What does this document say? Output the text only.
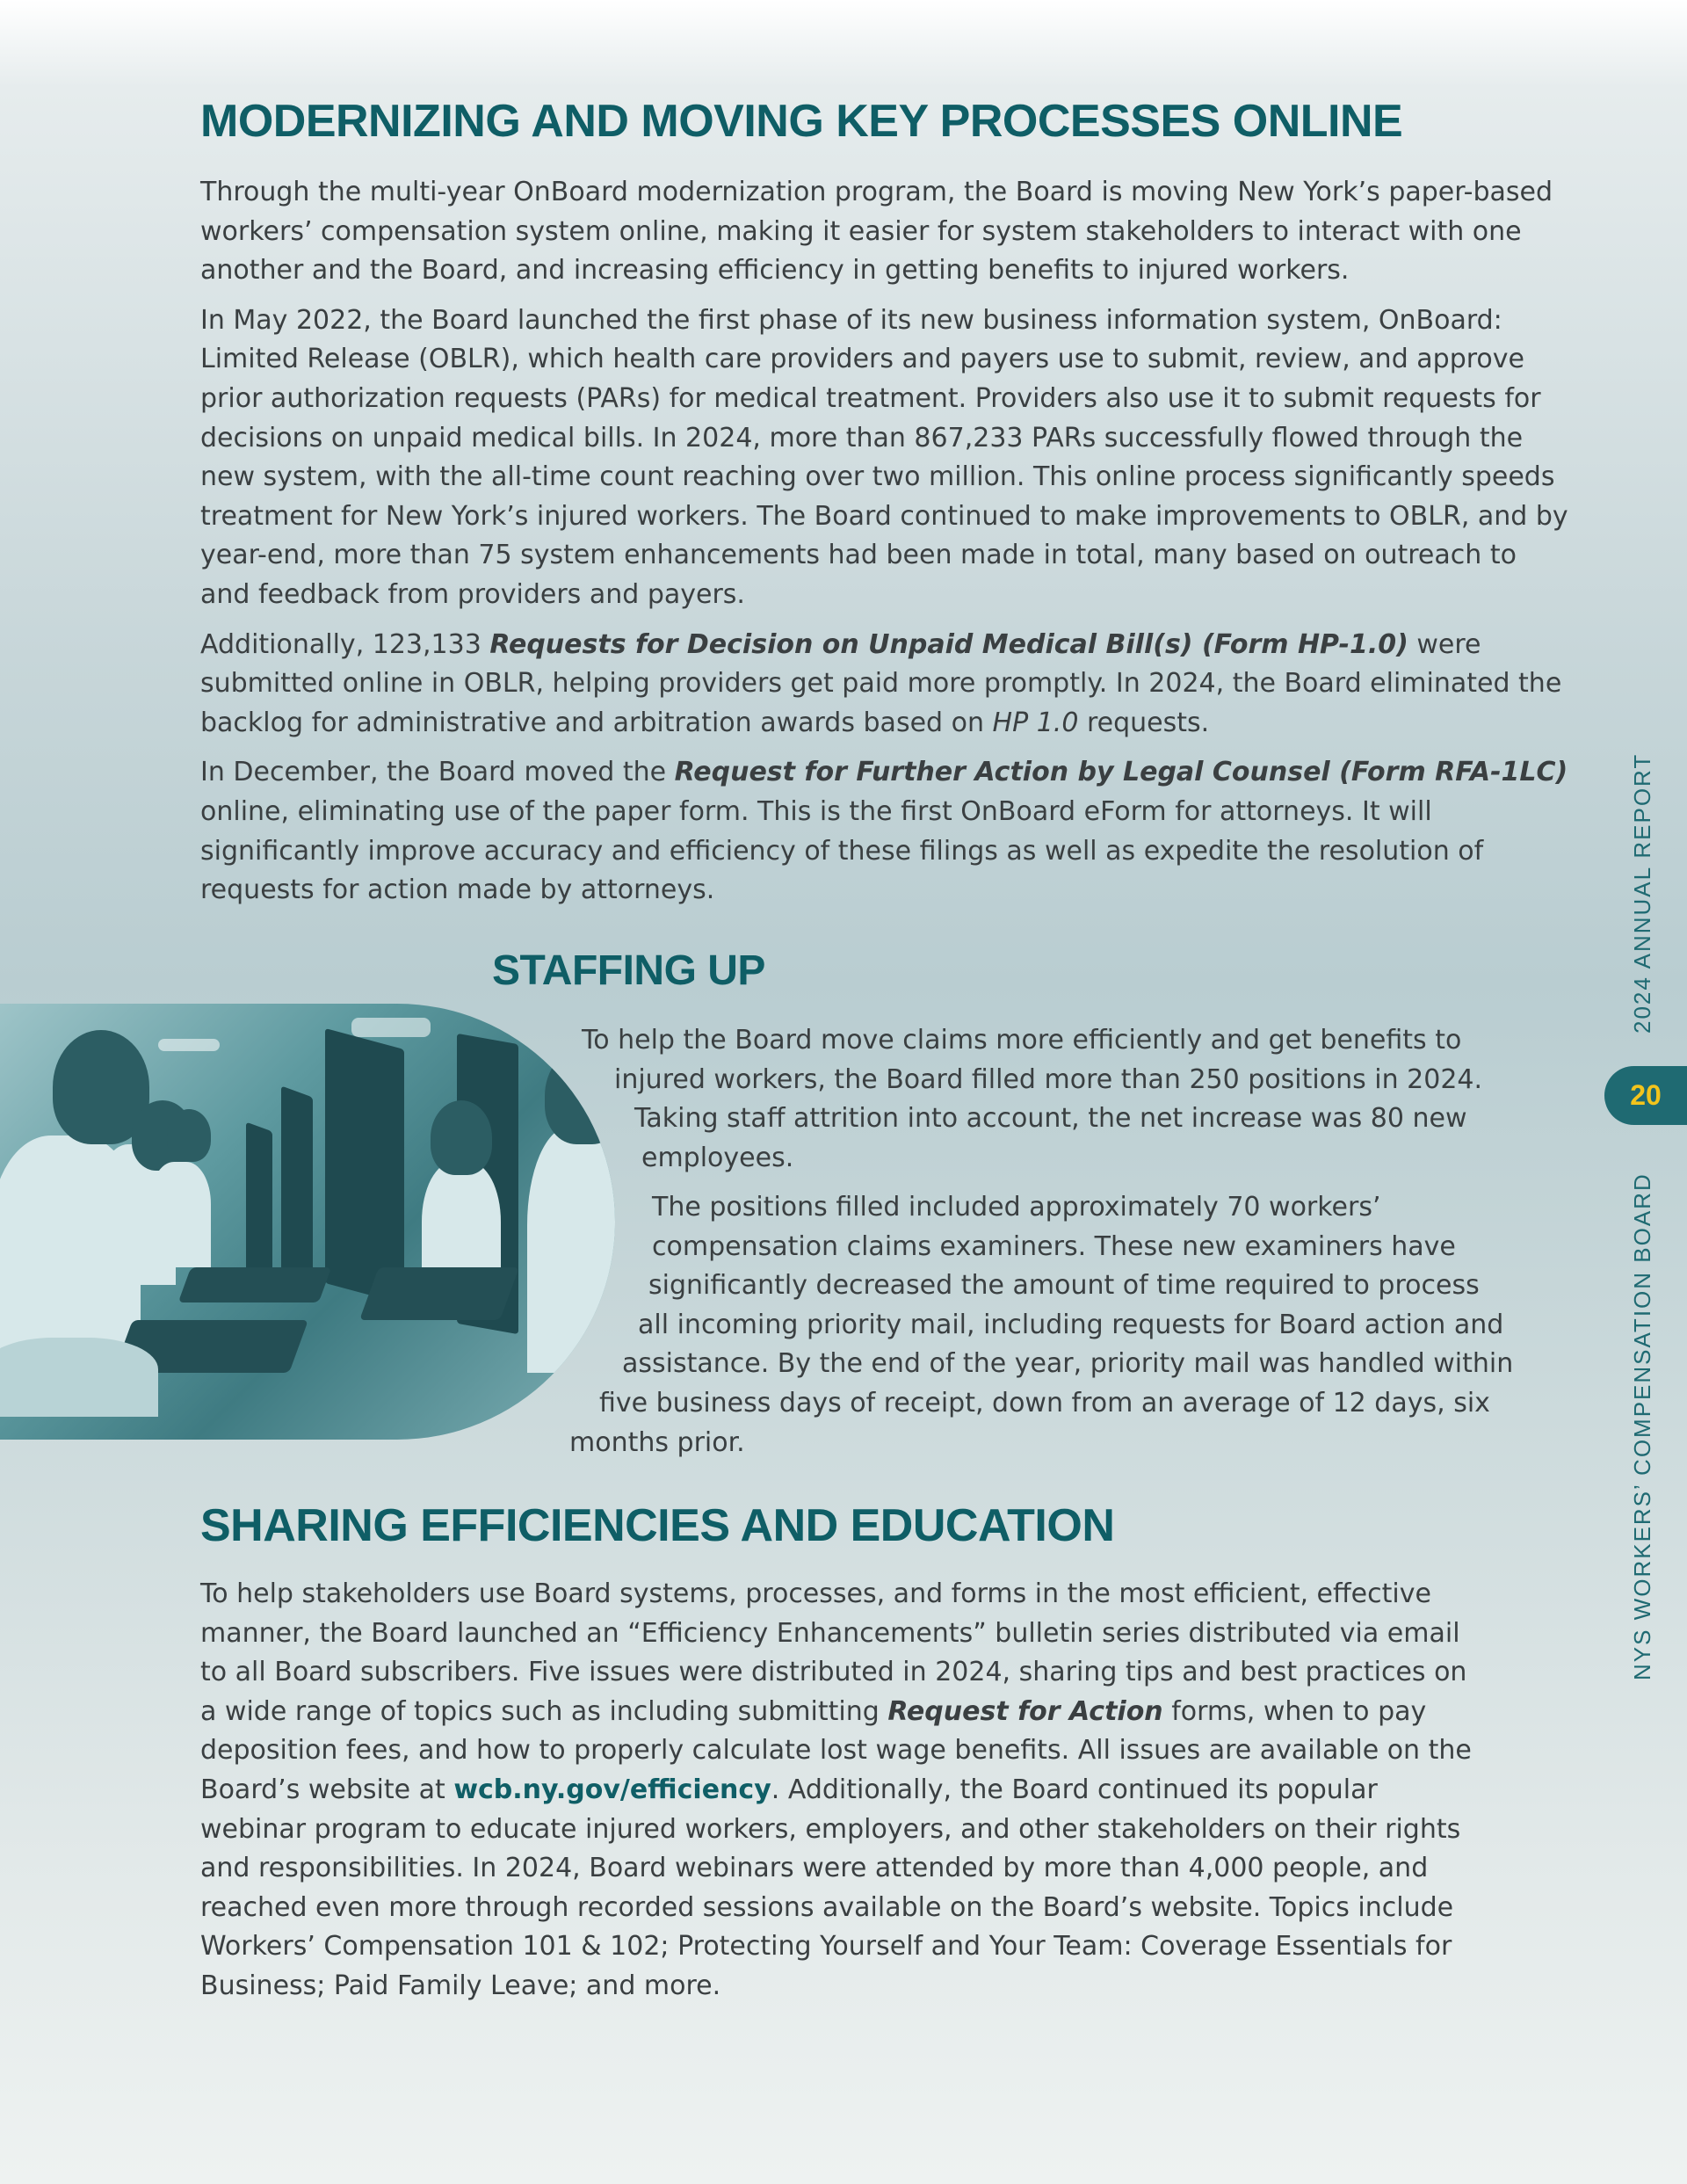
MODERNIZING AND MOVING KEY PROCESSES ONLINE

Through the multi-year OnBoard modernization program, the Board is moving New York’s paper-based workers’ compensation system online, making it easier for system stakeholders to interact with one another and the Board, and increasing efficiency in getting benefits to injured workers.

In May 2022, the Board launched the first phase of its new business information system, OnBoard: Limited Release (OBLR), which health care providers and payers use to submit, review, and approve prior authorization requests (PARs) for medical treatment. Providers also use it to submit requests for decisions on unpaid medical bills. In 2024, more than 867,233 PARs successfully flowed through the new system, with the all-time count reaching over two million. This online process significantly speeds treatment for New York’s injured workers. The Board continued to make improvements to OBLR, and by year-end, more than 75 system enhancements had been made in total, many based on outreach to and feedback from providers and payers.

Additionally, 123,133 Requests for Decision on Unpaid Medical Bill(s) (Form HP-1.0) were submitted online in OBLR, helping providers get paid more promptly. In 2024, the Board eliminated the backlog for administrative and arbitration awards based on HP 1.0 requests.

In December, the Board moved the Request for Further Action by Legal Counsel (Form RFA-1LC) online, eliminating use of the paper form. This is the first OnBoard eForm for attorneys. It will significantly improve accuracy and efficiency of these filings as well as expedite the resolution of requests for action made by attorneys.

STAFFING UP

To help the Board move claims more efficiently and get benefits to

injured workers, the Board filled more than 250 positions in 2024.

Taking staff attrition into account, the net increase was 80 new

employees.

The positions filled included approximately 70 workers’

compensation claims examiners. These new examiners have

significantly decreased the amount of time required to process

all incoming priority mail, including requests for Board action and

assistance. By the end of the year, priority mail was handled within

five business days of receipt, down from an average of 12 days, six

months prior.

SHARING EFFICIENCIES AND EDUCATION

To help stakeholders use Board systems, processes, and forms in the most efficient, effective manner, the Board launched an “Efficiency Enhancements” bulletin series distributed via email to all Board subscribers. Five issues were distributed in 2024, sharing tips and best practices on a wide range of topics such as including submitting Request for Action forms, when to pay deposition fees, and how to properly calculate lost wage benefits. All issues are available on the Board’s website at wcb.ny.gov/efficiency. Additionally, the Board continued its popular webinar program to educate injured workers, employers, and other stakeholders on their rights and responsibilities. In 2024, Board webinars were attended by more than 4,000 people, and reached even more through recorded sessions available on the Board’s website. Topics include Workers’ Compensation 101 & 102; Protecting Yourself and Your Team: Coverage Essentials for Business; Paid Family Leave; and more.

2024 ANNUAL REPORT
20
NYS WORKERS’ COMPENSATION BOARD
